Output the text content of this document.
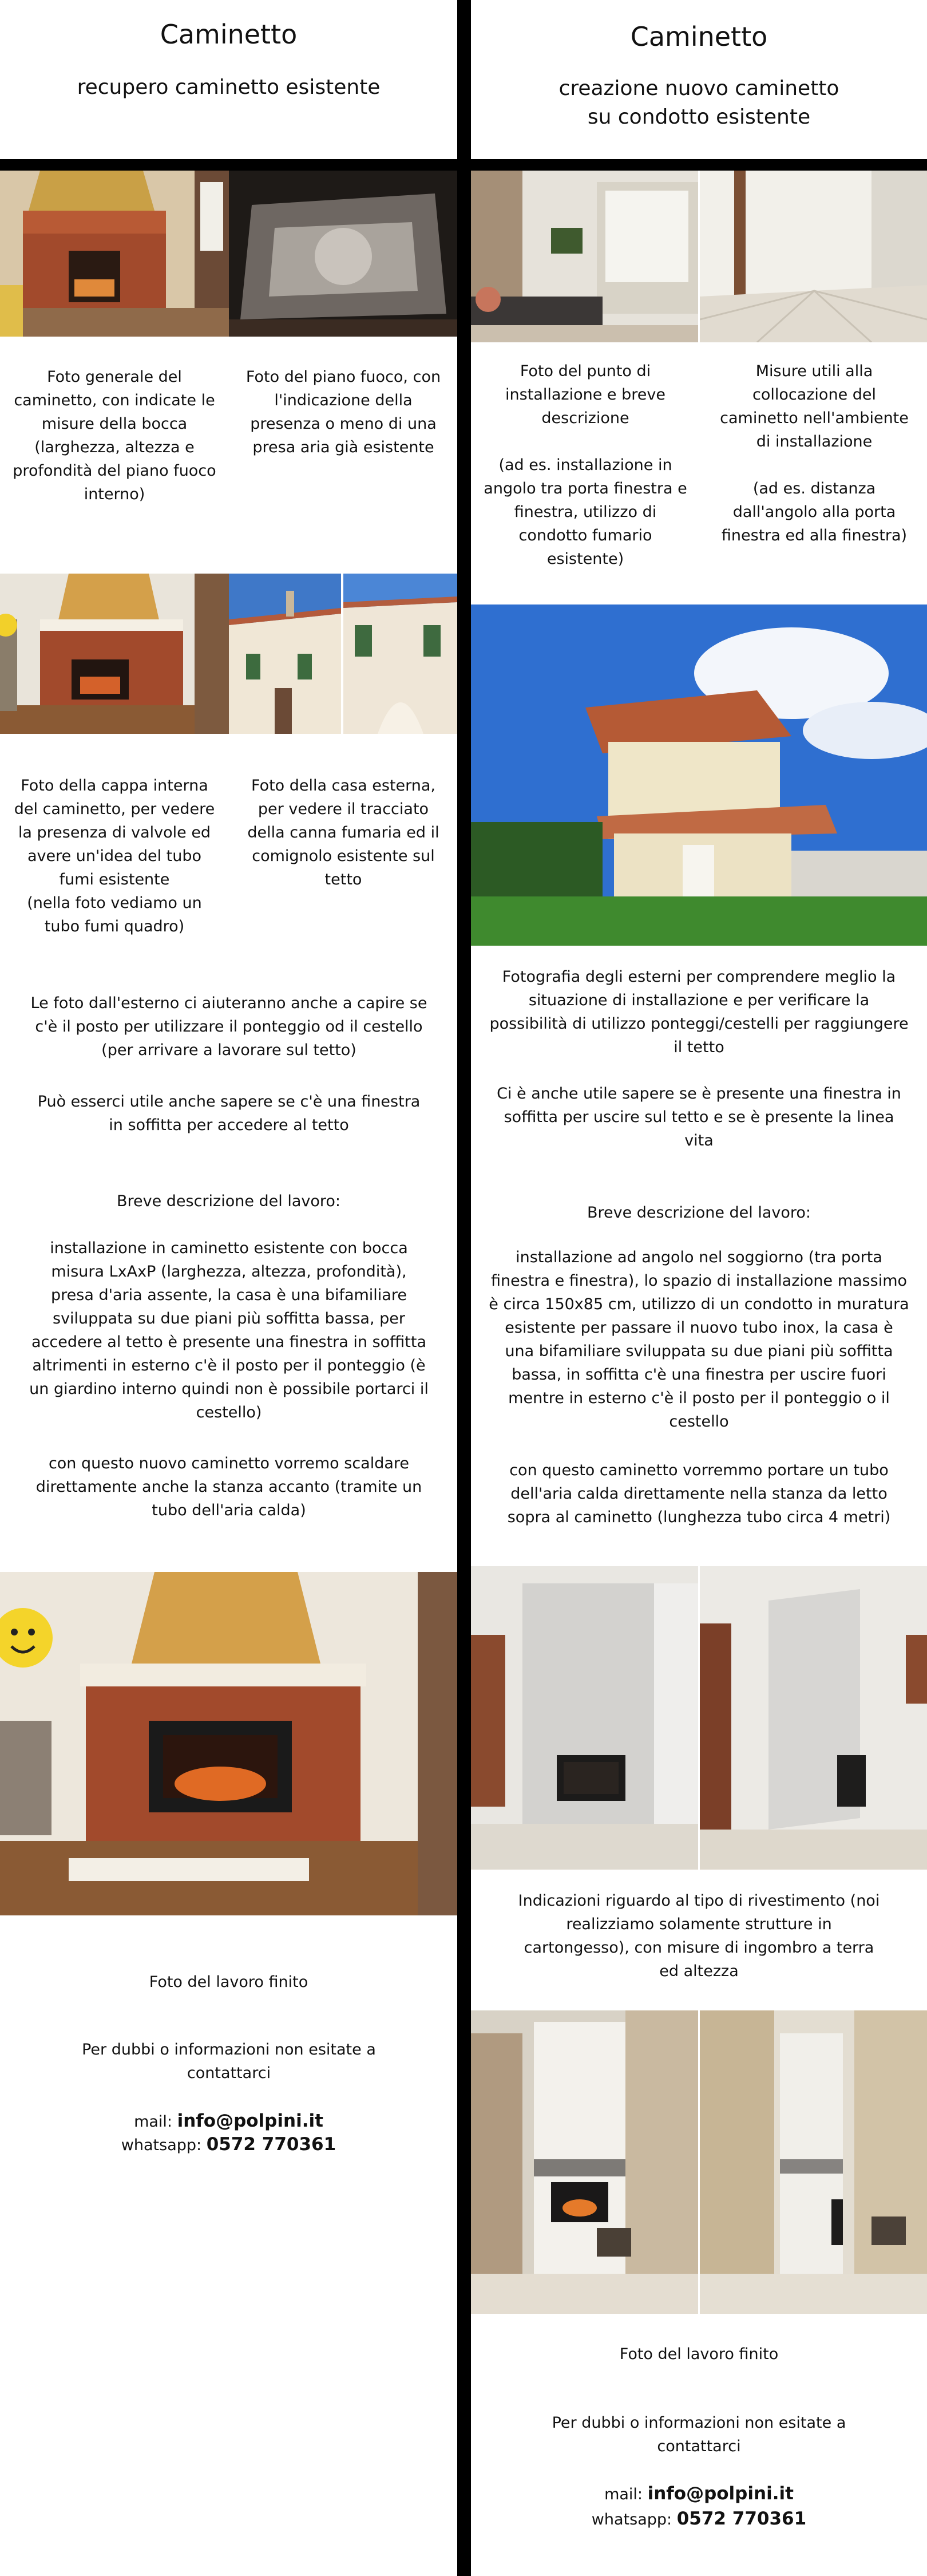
Caminetto
recupero caminetto esistente
Foto generale del caminetto, con indicate le misure della bocca (larghezza, altezza e profondità del piano fuoco interno)
Foto del piano fuoco, con l'indicazione della presenza o meno di una presa aria già esistente
Foto della cappa interna del caminetto, per vedere la presenza di valvole ed avere un'idea del tubo fumi esistente
(nella foto vediamo un tubo fumi quadro)
Foto della casa esterna, per vedere il tracciato della canna fumaria ed il comignolo esistente sul tetto
Le foto dall'esterno ci aiuteranno anche a capire se c'è il posto per utilizzare il ponteggio od il cestello (per arrivare a lavorare sul tetto)
Può esserci utile anche sapere se c'è una finestra in soffitta per accedere al tetto
Breve descrizione del lavoro:
installazione in caminetto esistente con bocca misura LxAxP (larghezza, altezza, profondità), presa d'aria assente, la casa è una bifamiliare sviluppata su due piani più soffitta bassa, per accedere al tetto è presente una finestra in soffitta altrimenti in esterno c'è il posto per il ponteggio (è un giardino interno quindi non è possibile portarci il cestello)
con questo nuovo caminetto vorremo scaldare direttamente anche la stanza accanto (tramite un tubo dell'aria calda)
Foto del lavoro finito
Per dubbi o informazioni non esitate a contattarci
mail: info@polpini.it
whatsapp: 0572 770361
Caminetto
creazione nuovo caminetto
su condotto esistente
Foto del punto di installazione e breve descrizione

(ad es. installazione in angolo tra porta finestra e finestra, utilizzo di condotto fumario esistente)
Misure utili alla collocazione del caminetto nell'ambiente di installazione

(ad es. distanza dall'angolo alla porta finestra ed alla finestra)
Fotografia degli esterni per comprendere meglio la situazione di installazione e per verificare la possibilità di utilizzo ponteggi/cestelli per raggiungere il tetto
Ci è anche utile sapere se è presente una finestra in soffitta per uscire sul tetto e se è presente la linea vita
Breve descrizione del lavoro:
installazione ad angolo nel soggiorno (tra porta finestra e finestra), lo spazio di installazione massimo è circa 150x85 cm, utilizzo di un condotto in muratura esistente per passare il nuovo tubo inox, la casa è una bifamiliare sviluppata su due piani più soffitta bassa, in soffitta c'è una finestra per uscire fuori mentre in esterno c'è il posto per il ponteggio o il cestello
con questo caminetto vorremmo portare un tubo dell'aria calda direttamente nella stanza da letto sopra al caminetto (lunghezza tubo circa 4 metri)
Indicazioni riguardo al tipo di rivestimento (noi realizziamo solamente strutture in cartongesso), con misure di ingombro a terra ed altezza
Foto del lavoro finito
Per dubbi o informazioni non esitate a contattarci
mail: info@polpini.it
whatsapp: 0572 770361
